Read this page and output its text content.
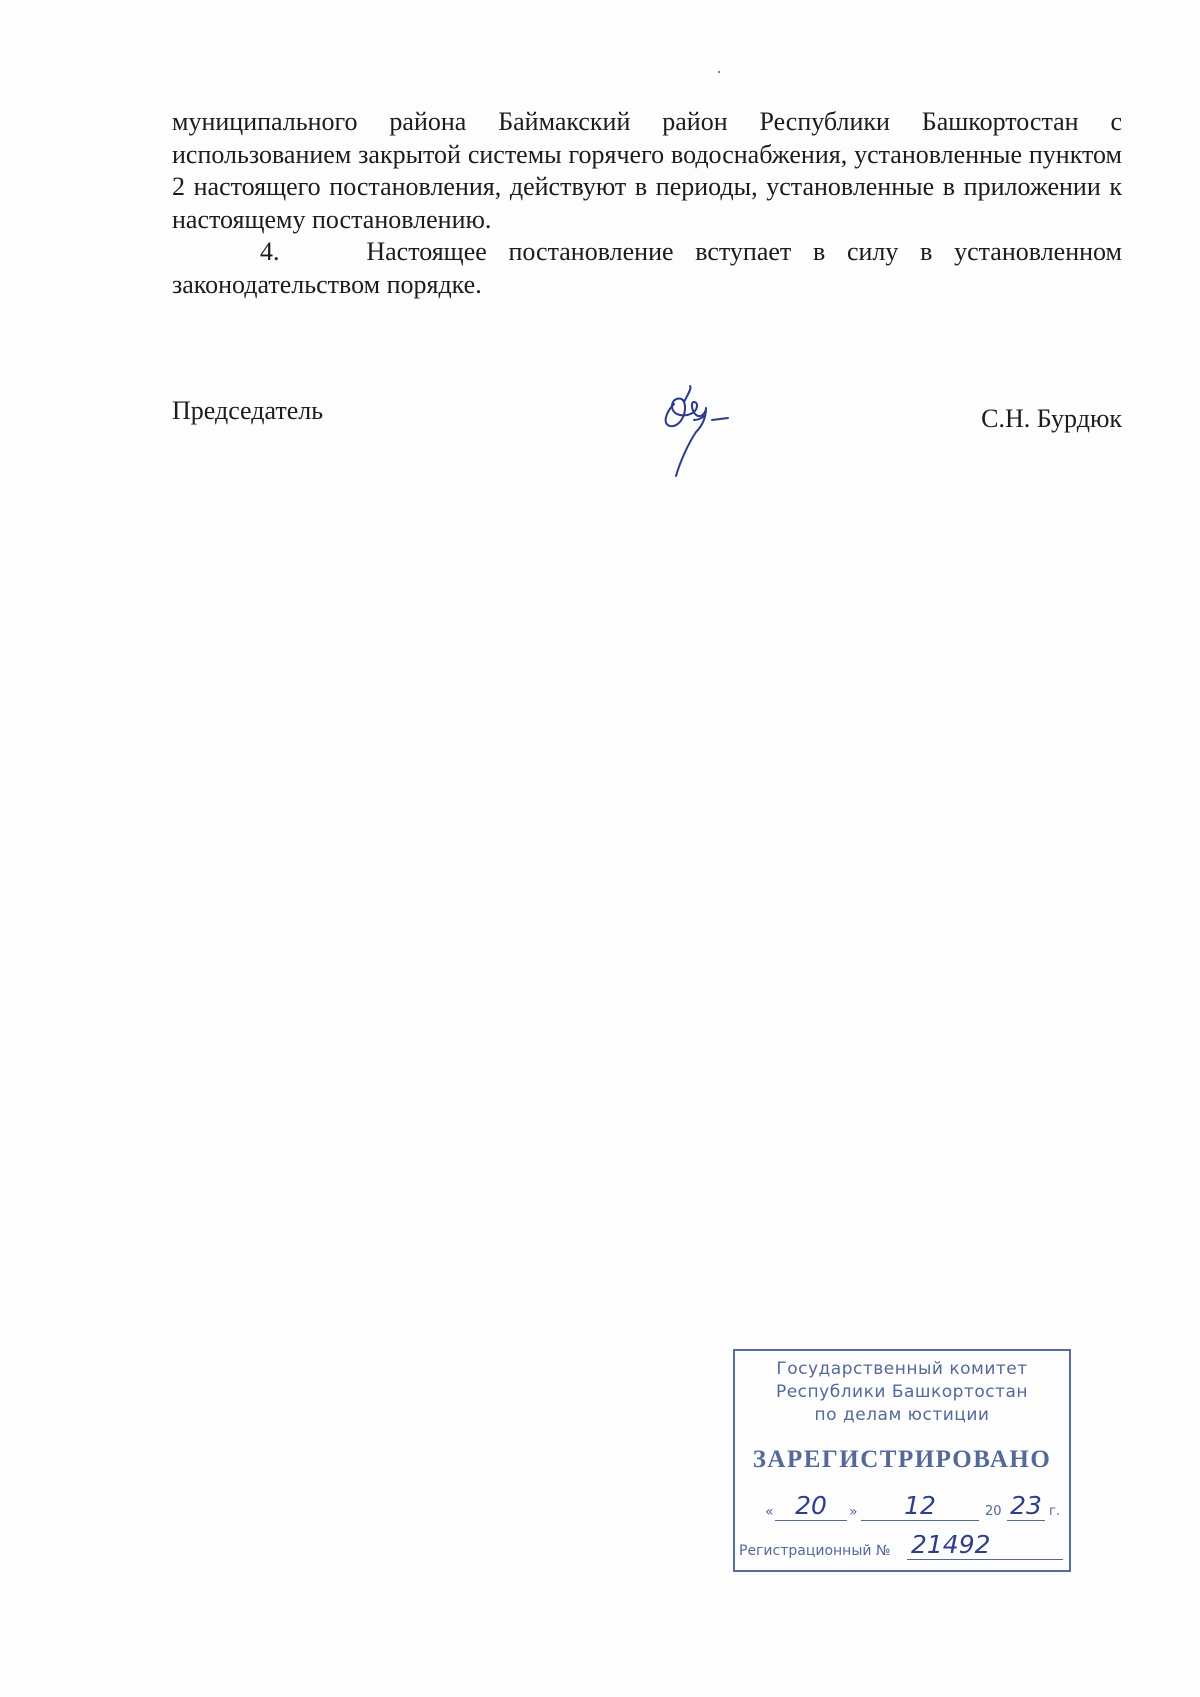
муниципального района Баймакский район Республики Башкортостан с использованием закрытой системы горячего водоснабжения, установленные пунктом 2 настоящего постановления, действуют в периоды, установленные в приложении к настоящему постановлению.

4.    Настоящее постановление вступает в силу в установленном законодательством порядке.

Председатель	С.Н. Бурдюк
Государственный комитет
Республики Башкортостан
по делам юстиции
ЗАРЕГИСТРИРОВАНО
« 20	»	12	20 23 г.
Регистрационный № 21492
